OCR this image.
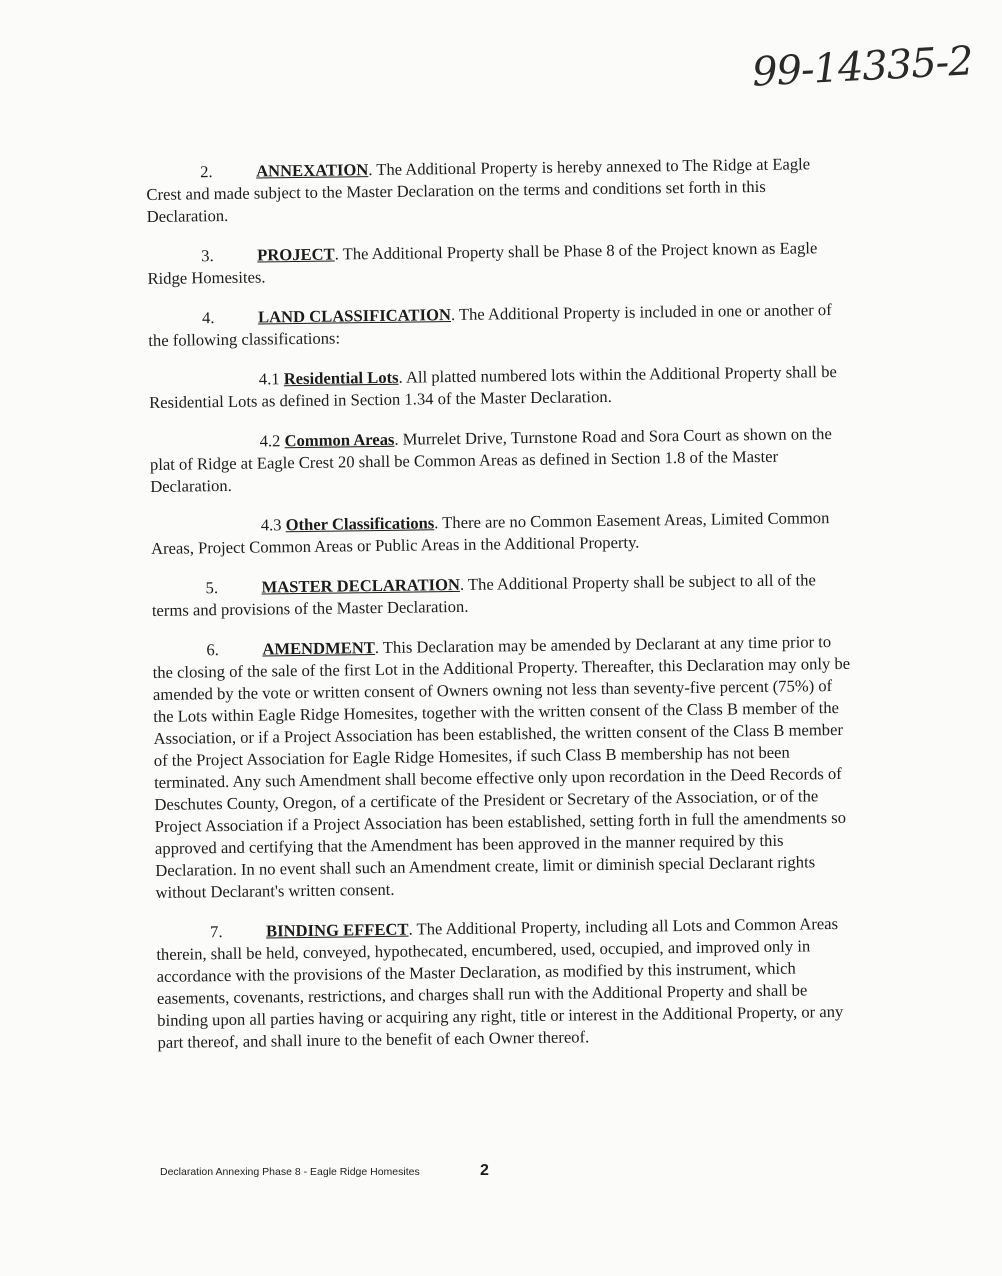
99-14335-2

2.	ANNEXATION. The Additional Property is hereby annexed to The Ridge at Eagle Crest and made subject to the Master Declaration on the terms and conditions set forth in this Declaration.

3.	PROJECT. The Additional Property shall be Phase 8 of the Project known as Eagle Ridge Homesites.

4.	LAND CLASSIFICATION. The Additional Property is included in one or another of the following classifications:

4.1 Residential Lots. All platted numbered lots within the Additional Property shall be Residential Lots as defined in Section 1.34 of the Master Declaration.

4.2 Common Areas. Murrelet Drive, Turnstone Road and Sora Court as shown on the plat of Ridge at Eagle Crest 20 shall be Common Areas as defined in Section 1.8 of the Master Declaration.

4.3 Other Classifications. There are no Common Easement Areas, Limited Common Areas, Project Common Areas or Public Areas in the Additional Property.

5.	MASTER DECLARATION. The Additional Property shall be subject to all of the terms and provisions of the Master Declaration.

6.	AMENDMENT. This Declaration may be amended by Declarant at any time prior to the closing of the sale of the first Lot in the Additional Property. Thereafter, this Declaration may only be amended by the vote or written consent of Owners owning not less than seventy-five percent (75%) of the Lots within Eagle Ridge Homesites, together with the written consent of the Class B member of the Association, or if a Project Association has been established, the written consent of the Class B member of the Project Association for Eagle Ridge Homesites, if such Class B membership has not been terminated. Any such Amendment shall become effective only upon recordation in the Deed Records of Deschutes County, Oregon, of a certificate of the President or Secretary of the Association, or of the Project Association if a Project Association has been established, setting forth in full the amendments so approved and certifying that the Amendment has been approved in the manner required by this Declaration. In no event shall such an Amendment create, limit or diminish special Declarant rights without Declarant's written consent.

7.	BINDING EFFECT. The Additional Property, including all Lots and Common Areas therein, shall be held, conveyed, hypothecated, encumbered, used, occupied, and improved only in accordance with the provisions of the Master Declaration, as modified by this instrument, which easements, covenants, restrictions, and charges shall run with the Additional Property and shall be binding upon all parties having or acquiring any right, title or interest in the Additional Property, or any part thereof, and shall inure to the benefit of each Owner thereof.

Declaration Annexing Phase 8 - Eagle Ridge Homesites	2
